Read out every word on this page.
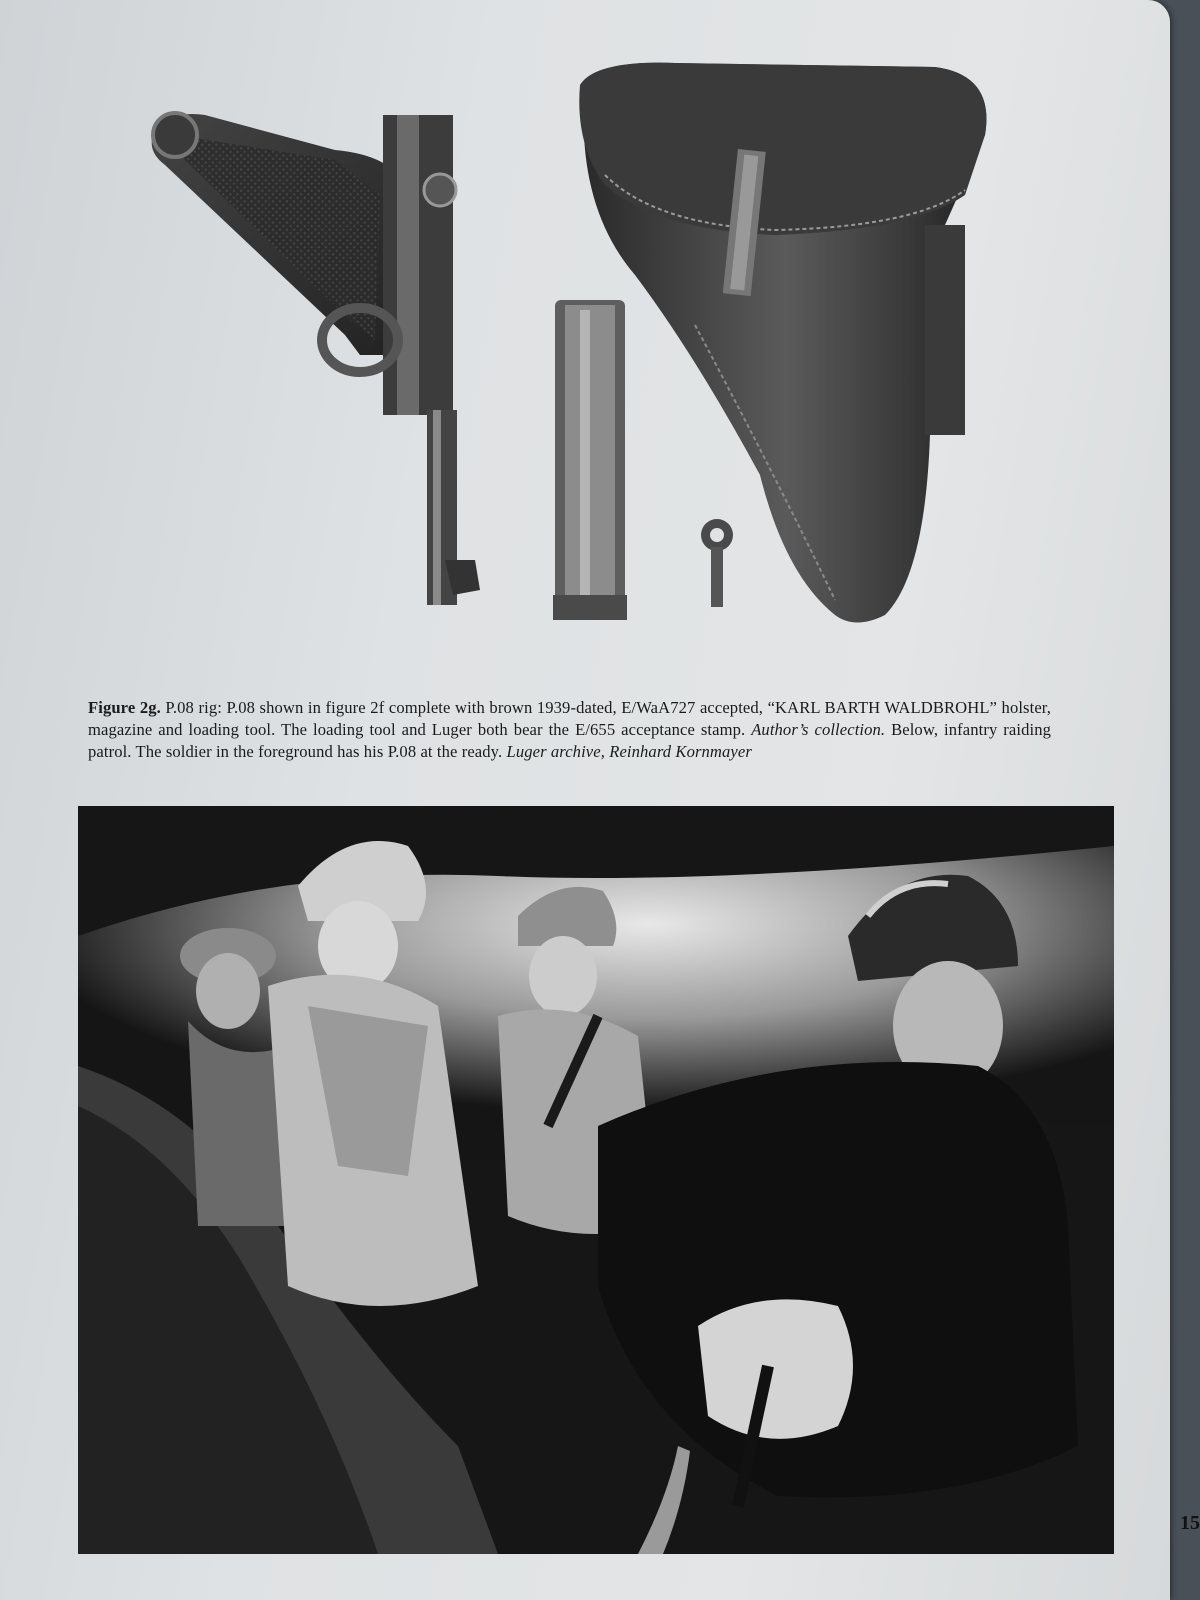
Figure 2g. P.08 rig: P.08 shown in figure 2f complete with brown 1939-dated, E/WaA727 accepted, “KARL BARTH WALDBROHL” holster, magazine and loading tool. The loading tool and Luger both bear the E/655 acceptance stamp. Author’s collection. Below, infantry raiding patrol. The soldier in the foreground has his P.08 at the ready. Luger archive, Reinhard Kornmayer
15
